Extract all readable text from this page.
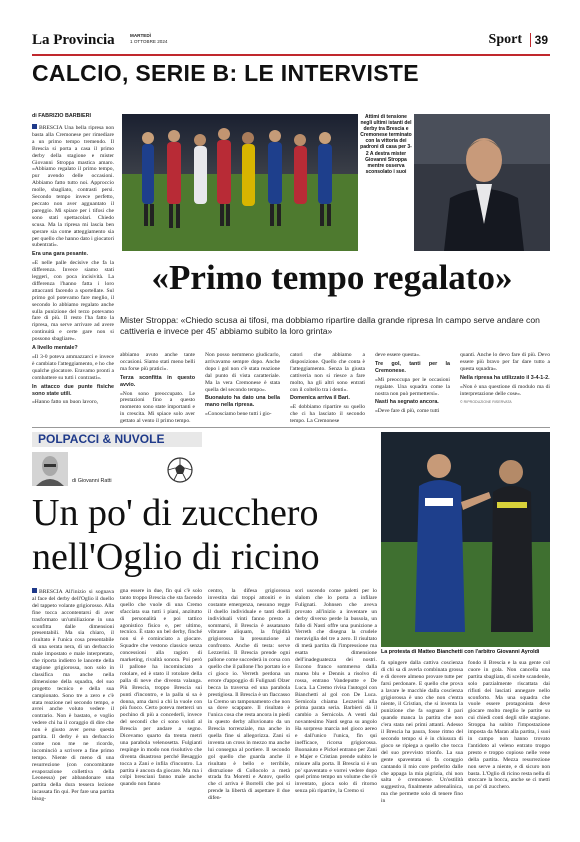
La Provincia	MARTEDÌ
1 OTTOBRE 2024	Sport	39
CALCIO, SERIE B: LE INTERVISTE
di FABRIZIO BARBIERI

BRESCIA Una bella ripresa non basta alla Cremonese per rimediare a un primo tempo tremendo. Il Brescia si porta a casa il primo derby della stagione e mister Giovanni Stroppa mastica amaro. «Abbiamo regalato il primo tempo, pur avendo delle occasioni. Abbiamo fatto tutto noi. Approccio molle, sbagliato, contrasti persi. Secondo tempo invece perfetto, peccato non aver agguantato il pareggio. Mi spiace per i tifosi che sono stati spettacolari. Chiedo scusa. Ma la ripresa mi lascia ben sperare sia come atteggiamento sia per quello che hanno dato i giocatori subentrati».

Era una gara pesante.

«E nelle palle decisive che fa la differenza. Invece siamo stati leggeri, con poca incisività. La differenza l'hanno fatta i loro attaccanti facendo a sportellate. Sul primo gol potevamo fare meglio, il secondo lo abbiamo regalato anche sulla punizione del terzo potevamo fare di più. Il resto l'ha fatto la ripresa, ma serve arrivare ad avere continuità e certe gare non si possono sbagliare».

A livello mentale?

«Il 3-0 poteva ammazzarci e invece è cambiato l'atteggiamento, e ho che qualche giocatore. Eravamo pronti a combattere su tutti i contrasti».

In attacco due punte fisiche sono state utili.

«Hanno fatto un buon lavoro,

Attimi di tensione negli ultimi istanti del derby tra Brescia e Cremonese terminato con la vittoria dei padroni di casa per 3-2 A destra mister Giovanni Stroppa mentre osserva sconsolato i suoi
«Primo tempo regalato»
Mister Stroppa: «Chiedo scusa ai tifosi, ma dobbiamo ripartire dalla grande ripresa In campo serve andare con cattiveria e invece per 45' abbiamo subito la loro grinta»

abbiamo avuto anche tante occasioni. Siamo stati meno belli ma forse più pratici».

Terza sconfitta in questo avvio.

«Non sono preoccupato. Le prestazioni fino a questo momento sono state importanti e in crescita. Mi spiace solo aver gettato al vento il primo tempo.

Non posso nemmeno giudicarlo, arrivavamo sempre dopo. Anche dopo i gol non c'è stata reazione dal punto di vista caratteriale. Ma la vera Cremonese è stata quella del secondo tempo».

Buonaiuto ha dato una bella mano nella ripresa.

«Conosciamo bene tutti i gio-

catori che abbiamo a disposizione. Quello che conta è l'atteggiamento. Senza la giusta cattiveria non si riesce a fare molto, ha gli altri sono entrati con il coltello tra i denti».

Domenica arriva il Bari.

«E dobbiamo ripartire su quello che ci ha lasciato il secondo tempo. La Cremonese

deve essere questa».

Tre gol, tanti per la Cremonese.

«Mi preoccupa per le occasioni regalate. Una squadra come la nostra non può permettersi».

Nasti ha segnato ancora.

«Deve fare di più, come tutti

quanti. Anche lo devo fare di più. Devo essere più bravo per far dare tutto a questa squadra».

Nella ripresa ha utilizzato il 3-4-1-2.

«Non è una questione di modulo ma di interpretazione delle cose».

© RIPRODUZIONE RISERVATA

POLPACCI & NUVOLE
di Giovanni Ratti
Un po' di zucchero
nell'Oglio di ricino
La protesta di Matteo Bianchetti con l'arbitro Giovanni Ayroldi

BRESCIA All'inizio si sognava al face del derby dell'Oglio il duello del tappeto volante grigiorosso. Alla fine tocca accontentarsi di aver trasformato un'umiliazione in una sconfitta dalle dimensioni presentabili. Ma sia chiaro, il risultato è l'unica cosa presentabile di una serata nera, di un derbaccio male impostato e male interpretato, che riporta indietro le lancette della stagione grigiorossa, non solo in classifica ma anche nella dimensione della squadra, del suo progetto tecnico e della sua campionato. Sono tre a zero e c'è stata reazione nel secondo tempo, e avrei anche voluto vedere il contrario. Non è bastato, e voglio vedere chi ha il coraggio di dire che non è giusto aver perso questa partita. Il derby è un derbaccio come non me ne ricordo, incominciò a scrivere a fine primo tempo. Niente di meno di una resurrezione (con concomitante evaporazione collettiva della Leonessa) per abbandonare una partita della dura tessera lezione incassata fin qui. Per fare una partita bisog-

gna essere in due, fin qui c'è solo tanto troppo Brescia che sta facendo quello che vuole di una Cremo sfacciata sua tutti i piani, anzitutto di personalità e poi tattico agonistico fisico e, per ultimo, tecnico. È stato un bel derby, finché non si è cominciato a giocare. Squadre che vestono classico senza concessioni alla ragion di marketing, rivalità sonora. Poi però il pallone ha incominciato a rotolare, ed è stato il rotolare della palla di neve che diventa valanga. Più Brescia, troppo Brescia sui punti d'incontro, e la palla si sa è donna, ama darsi a chi la vuole con più fuoco. Certo poteva metterci un pochino di più a concederli, invece del secondi che ci sono voluti al Brescia per andare a segno. Dicevamo quarto da trenta metri una parabola velenosetta. Fulgianti respinge in modo non risolutivo che diventa disastroso perché Besaggio tocca a Zani e infila d'incontro. La partita è ancora da giocare. Ma ma i colpi bresciani fanno male anche quando non fanno

centro, la difesa grigiorossa investita dai troppi attoniti e in costante emergenza, nessuno regge il duello individuale e tanti duelli individuali vinti fanno presto a sommarsi, il Brescia è assatanato vibrante aliquam, la frigidità grigiorossa la presunzione al confronto. Anche di testa: serve Lezzerini. Il Brescia prende ogni pallone come succederà in corsa con quello che il pallone l'ho portato io e ci gioco io. Verreth perdona un errore d'appoggio di Fulignati Olzer becca la traversa ed una parabola prestigiosa. Il Brescia è un flaccasso la Cremo un tamponamento che non sa dove scappare. Il risultato è l'unica cosa che resta ancora in piedi in questo derby alluvionato da un Brescia torrenziale, ma anche in quella fine si allegorizza. Zani si inventa un cross in mezzo ma anche lui consegna al portiere. Il secondo gol quello che guarda anche il risultato è bello e terribile, distruzione di Collocolo a metà strada fra Moretti e Antov, quello che ci arriva è Borrelli che poi si prende la libertà di aspettare il due difen-

sori uscendo come paletti per lo slalom che lo porta a infilare Fulignati. Johnsen che aveva provato all'inizio a inventare un derby diverso perde la bussola, un fallo di Nasti offre una punizione a Verreth che disegna la crudele meraviglia del tre a zero. Il risultato di metà partita dà l'impressione ma esatta dimensione dell'inadeguatezza dei nostri. Escono franco sommerso dalla marea blu e Dennis a risolvo di rossa, entrano Vandeputte e De Luca. La Cremo rivisa l'autogol con Bianchetti al gol con De Luca. Sernicola chiama Lezzerini alla prima parata seria. Barbieri dà il cambio a Sernicola. A venti dal novantesimo Nasti segna su angolo Ha sorpreso marcia nel gioco aereo e dall'unico l'unica, fin qui inefficace, ricorsa grigiorossa. Buonaiuto e Pickel entrano per Zani e Majer e Cristian prende subito le misure alla porta. Il Brescia si è un po' spaventato e vorrei vedere dopo quel primo tempo un volume che s'è inventato, gioca solo di ritorno senza più ripartire, la Cremo si

fa spingere dalla cattiva coscienza di chi sa di averla combinata grossa e di dovere almeno provare tutte per farsi perdonare. E quello che prova a lavare le macchie dalla coscienza grigiorossa è uno che non c'entra niente, il Cristian, che si inventa la punizione che fa sognare il pari quando manca la partita che non c'era stata nei primi attanti. Adesso il Brescia ha paura, fosse ritmo del secondo tempo si è in chiusura di gioco se ripiega a quello che tocca del suo prevvisto trionfo. La sua gente spaventata si fa coraggio cantando il mio core preferito dalle che appaga la mia pigrizia, chi non salta è cremonese. Un'ostilità suggestiva, finalmente adrenalinica, ma che permette solo di tenere fino in

fondo il Brescia e la sua gente col cuore in gola. Non cancella una partita sbagliata, di scelte scandenle, solo parzialmente riscattata dai rifiuti dei lasciati annegare nello sconforto. Ma una squadra che vuole essere protagonista deve giocare molto meglio le partite su cui chiedi conti degli stile stagione. Stroppa ha subito l'impostazione imposta da Maran alla partita, i suoi in campo non hanno trovato l'antidoto al veleno entrato troppo presto e troppo copioso nelle vene della partita. Mezza resurrezione non serve a niente, e di sicuro non basta. L'Oglio di ricino resta nella di stoccare la bocca, anche se ci metti un po' di zucchero.
